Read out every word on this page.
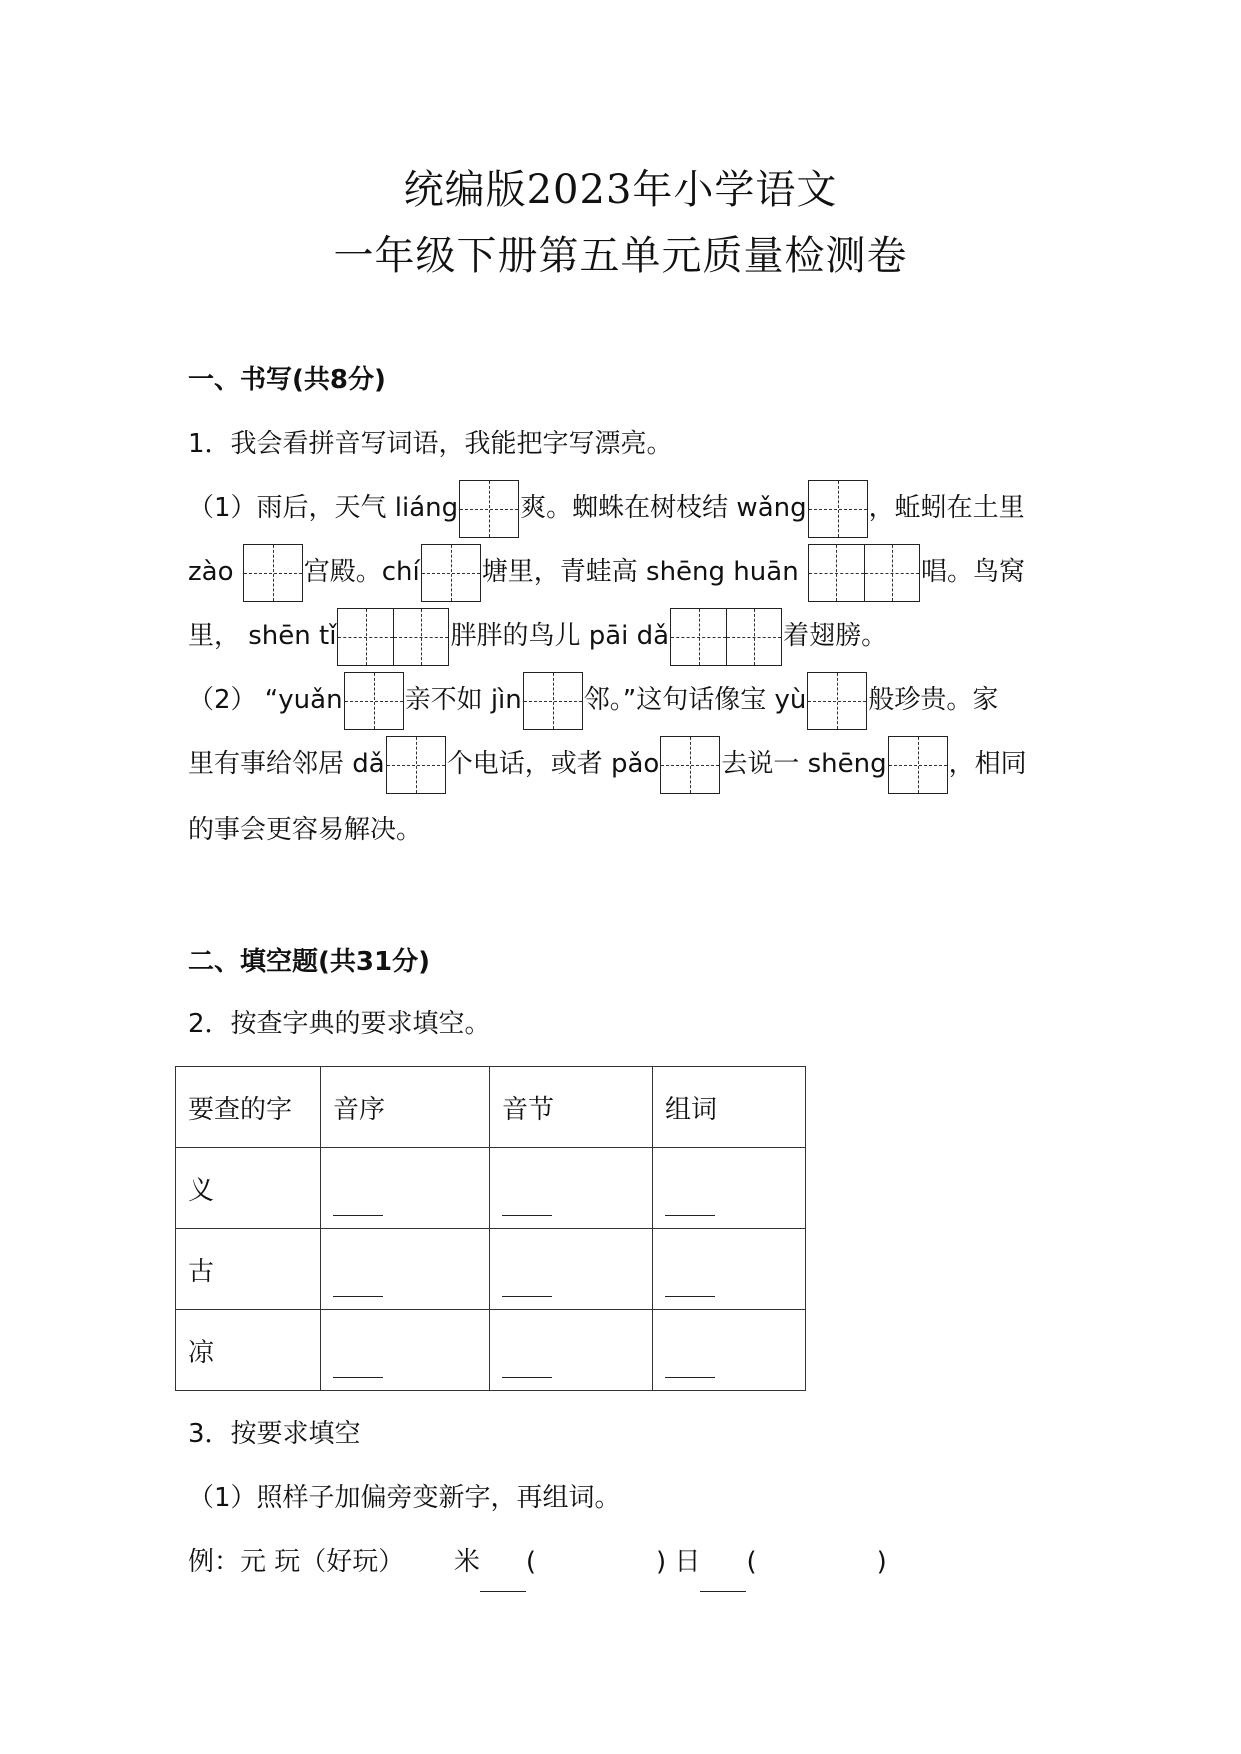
统编版2023年小学语文
一年级下册第五单元质量检测卷
一、书写(共8分)
1．我会看拼音写词语，我能把字写漂亮。
（1）雨后，天气 liáng 爽。蜘蛛在树枝结 wǎng ，蚯蚓在土里
zào	宫殿。chí 塘里，青蛙高 shēng huān	唱。鸟窝
里， shēn tǐ	胖胖的鸟儿 pāi dǎ	着翅膀。
（2） “yuǎn 亲不如 jìn 邻。”这句话像宝 yù 般珍贵。家
里有事给邻居 dǎ 个电话，或者 pǎo 去说一 shēng ，相同
的事会更容易解决。
二、填空题(共31分)
2．按查字典的要求填空。
要查的字	音序	音节	组词
义			
古			
凉			
3．按要求填空
（1）照样子加偏旁变新字，再组词。
例：元 玩（好玩） 米 (	) 日 (	)
